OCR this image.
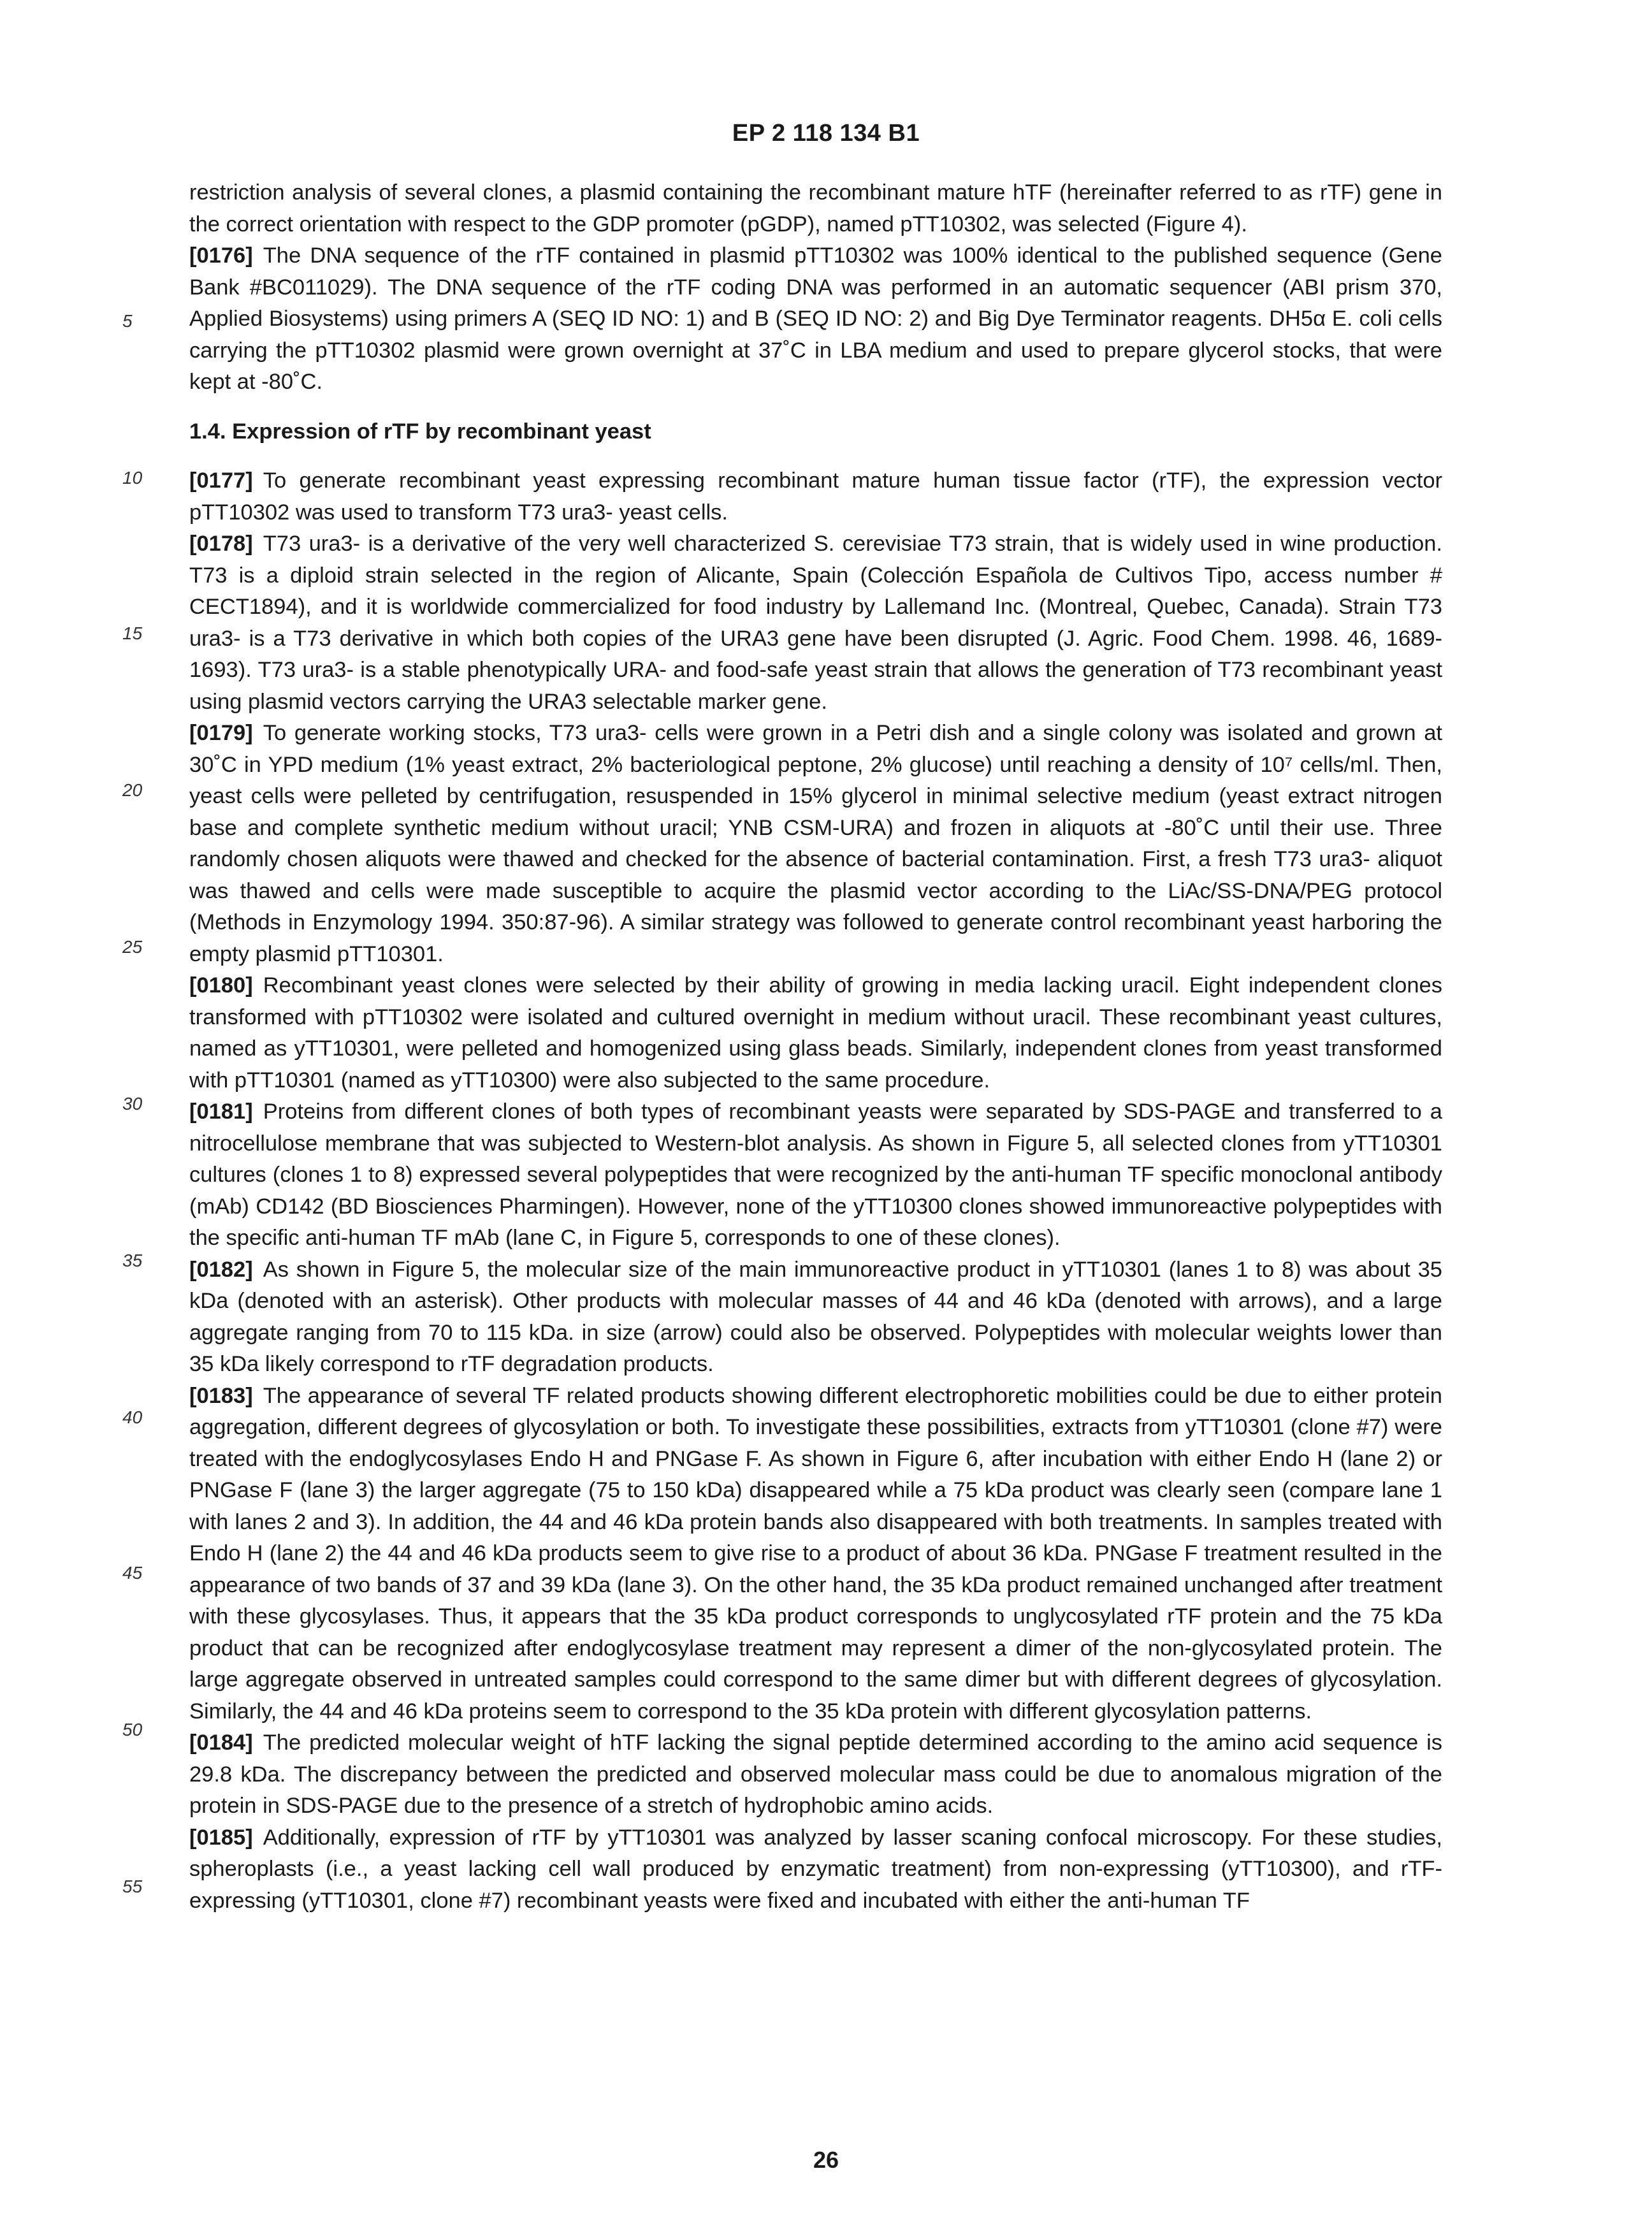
EP 2 118 134 B1
5
10
15
20
25
30
35
40
45
50
55

restriction analysis of several clones, a plasmid containing the recombinant mature hTF (hereinafter referred to as rTF) gene in the correct orientation with respect to the GDP promoter (pGDP), named pTT10302, was selected (Figure 4).

[0176] The DNA sequence of the rTF contained in plasmid pTT10302 was 100% identical to the published sequence (Gene Bank #BC011029). The DNA sequence of the rTF coding DNA was performed in an automatic sequencer (ABI prism 370, Applied Biosystems) using primers A (SEQ ID NO: 1) and B (SEQ ID NO: 2) and Big Dye Terminator reagents. DH5α E. coli cells carrying the pTT10302 plasmid were grown overnight at 37˚C in LBA medium and used to prepare glycerol stocks, that were kept at -80˚C.

1.4. Expression of rTF by recombinant yeast

[0177] To generate recombinant yeast expressing recombinant mature human tissue factor (rTF), the expression vector pTT10302 was used to transform T73 ura3- yeast cells.

[0178] T73 ura3- is a derivative of the very well characterized S. cerevisiae T73 strain, that is widely used in wine production. T73 is a diploid strain selected in the region of Alicante, Spain (Colección Española de Cultivos Tipo, access number # CECT1894), and it is worldwide commercialized for food industry by Lallemand Inc. (Montreal, Quebec, Canada). Strain T73 ura3- is a T73 derivative in which both copies of the URA3 gene have been disrupted (J. Agric. Food Chem. 1998. 46, 1689-1693). T73 ura3- is a stable phenotypically URA- and food-safe yeast strain that allows the generation of T73 recombinant yeast using plasmid vectors carrying the URA3 selectable marker gene.

[0179] To generate working stocks, T73 ura3- cells were grown in a Petri dish and a single colony was isolated and grown at 30˚C in YPD medium (1% yeast extract, 2% bacteriological peptone, 2% glucose) until reaching a density of 10⁷ cells/ml. Then, yeast cells were pelleted by centrifugation, resuspended in 15% glycerol in minimal selective medium (yeast extract nitrogen base and complete synthetic medium without uracil; YNB CSM-URA) and frozen in aliquots at -80˚C until their use. Three randomly chosen aliquots were thawed and checked for the absence of bacterial contamination. First, a fresh T73 ura3- aliquot was thawed and cells were made susceptible to acquire the plasmid vector according to the LiAc/SS-DNA/PEG protocol (Methods in Enzymology 1994. 350:87-96). A similar strategy was followed to generate control recombinant yeast harboring the empty plasmid pTT10301.

[0180] Recombinant yeast clones were selected by their ability of growing in media lacking uracil. Eight independent clones transformed with pTT10302 were isolated and cultured overnight in medium without uracil. These recombinant yeast cultures, named as yTT10301, were pelleted and homogenized using glass beads. Similarly, independent clones from yeast transformed with pTT10301 (named as yTT10300) were also subjected to the same procedure.

[0181] Proteins from different clones of both types of recombinant yeasts were separated by SDS-PAGE and transferred to a nitrocellulose membrane that was subjected to Western-blot analysis. As shown in Figure 5, all selected clones from yTT10301 cultures (clones 1 to 8) expressed several polypeptides that were recognized by the anti-human TF specific monoclonal antibody (mAb) CD142 (BD Biosciences Pharmingen). However, none of the yTT10300 clones showed immunoreactive polypeptides with the specific anti-human TF mAb (lane C, in Figure 5, corresponds to one of these clones).

[0182] As shown in Figure 5, the molecular size of the main immunoreactive product in yTT10301 (lanes 1 to 8) was about 35 kDa (denoted with an asterisk). Other products with molecular masses of 44 and 46 kDa (denoted with arrows), and a large aggregate ranging from 70 to 115 kDa. in size (arrow) could also be observed. Polypeptides with molecular weights lower than 35 kDa likely correspond to rTF degradation products.

[0183] The appearance of several TF related products showing different electrophoretic mobilities could be due to either protein aggregation, different degrees of glycosylation or both. To investigate these possibilities, extracts from yTT10301 (clone #7) were treated with the endoglycosylases Endo H and PNGase F. As shown in Figure 6, after incubation with either Endo H (lane 2) or PNGase F (lane 3) the larger aggregate (75 to 150 kDa) disappeared while a 75 kDa product was clearly seen (compare lane 1 with lanes 2 and 3). In addition, the 44 and 46 kDa protein bands also disappeared with both treatments. In samples treated with Endo H (lane 2) the 44 and 46 kDa products seem to give rise to a product of about 36 kDa. PNGase F treatment resulted in the appearance of two bands of 37 and 39 kDa (lane 3). On the other hand, the 35 kDa product remained unchanged after treatment with these glycosylases. Thus, it appears that the 35 kDa product corresponds to unglycosylated rTF protein and the 75 kDa product that can be recognized after endoglycosylase treatment may represent a dimer of the non-glycosylated protein. The large aggregate observed in untreated samples could correspond to the same dimer but with different degrees of glycosylation. Similarly, the 44 and 46 kDa proteins seem to correspond to the 35 kDa protein with different glycosylation patterns.

[0184] The predicted molecular weight of hTF lacking the signal peptide determined according to the amino acid sequence is 29.8 kDa. The discrepancy between the predicted and observed molecular mass could be due to anomalous migration of the protein in SDS-PAGE due to the presence of a stretch of hydrophobic amino acids.

[0185] Additionally, expression of rTF by yTT10301 was analyzed by lasser scaning confocal microscopy. For these studies, spheroplasts (i.e., a yeast lacking cell wall produced by enzymatic treatment) from non-expressing (yTT10300), and rTF-expressing (yTT10301, clone #7) recombinant yeasts were fixed and incubated with either the anti-human TF

26
